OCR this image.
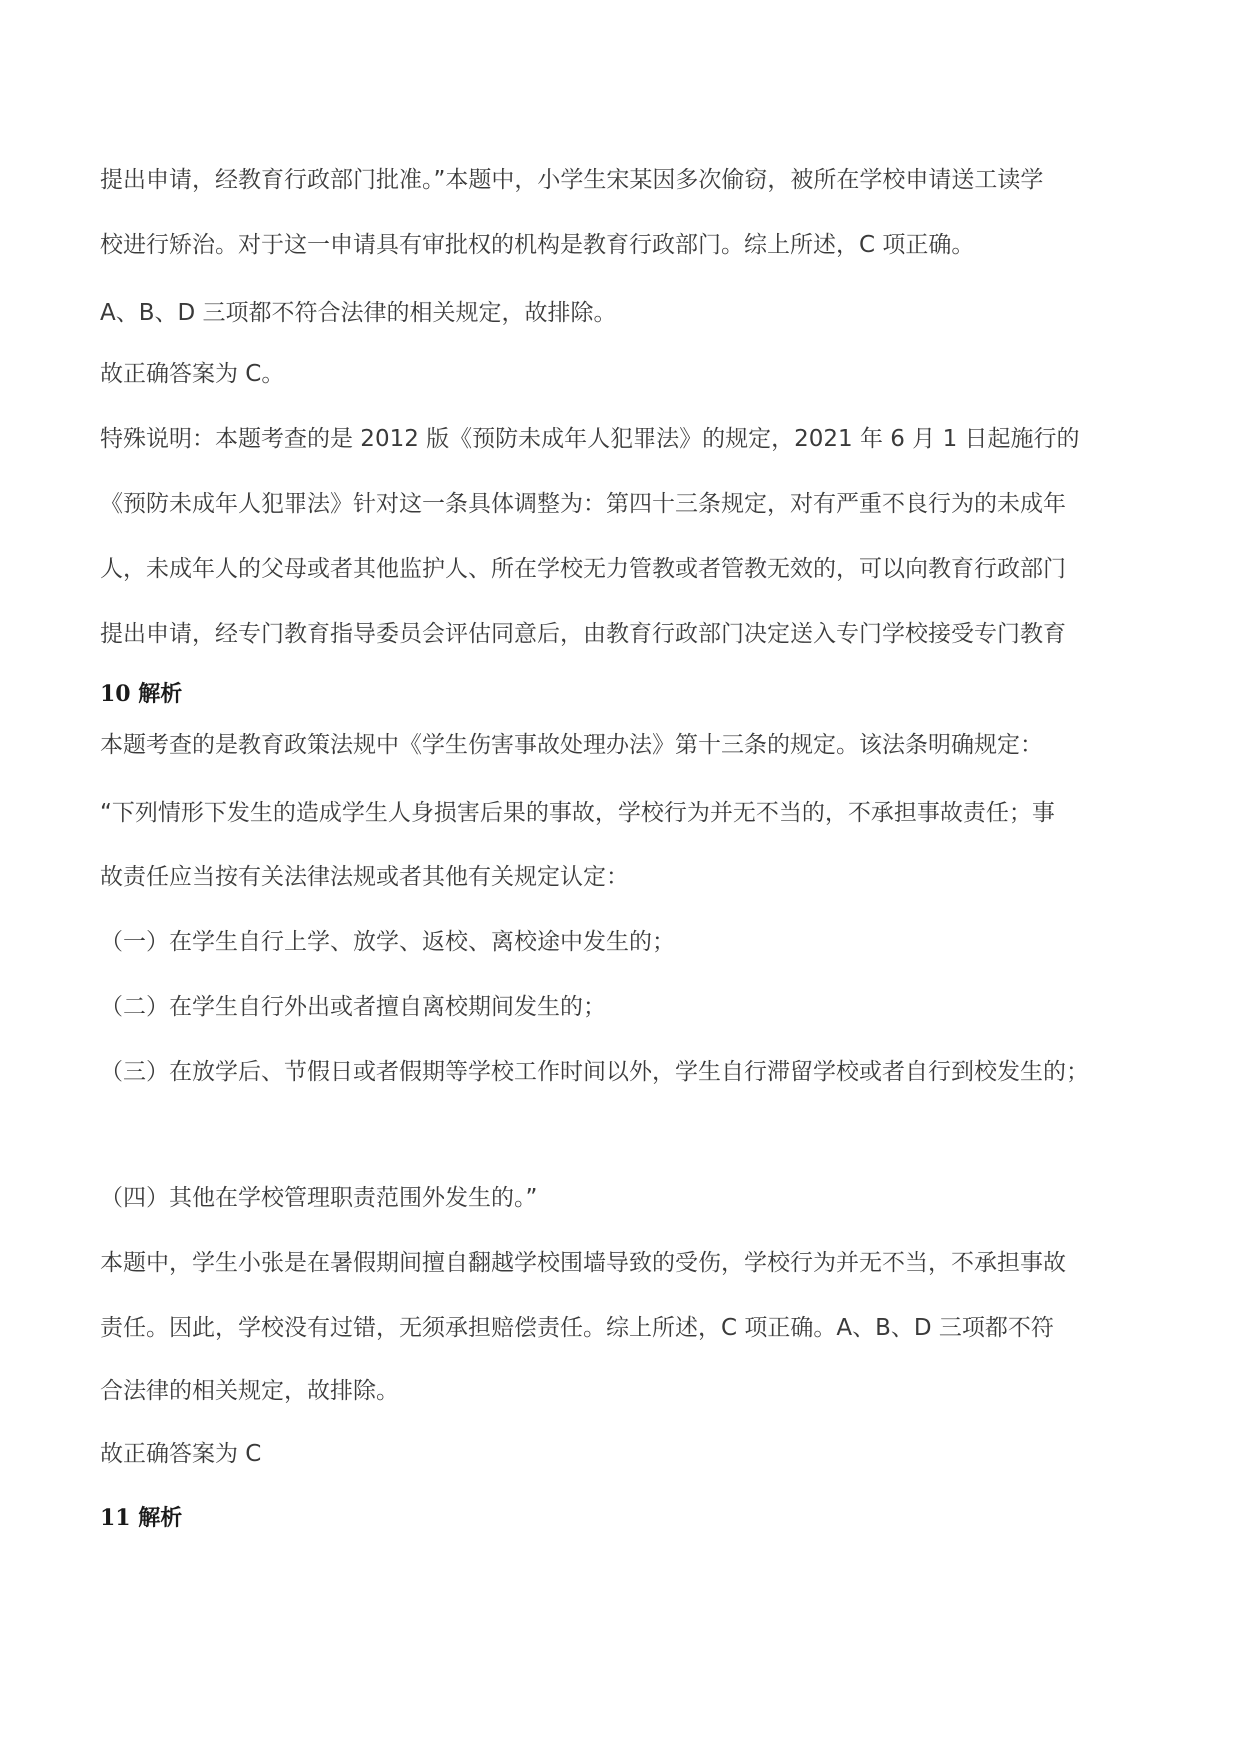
提出申请，经教育行政部门批准。”本题中，小学生宋某因多次偷窃，被所在学校申请送工读学
校进行矫治。对于这一申请具有审批权的机构是教育行政部门。综上所述，C 项正确。
A、B、D 三项都不符合法律的相关规定，故排除。
故正确答案为 C。
特殊说明：本题考查的是 2012 版《预防未成年人犯罪法》的规定，2021 年 6 月 1 日起施行的
《预防未成年人犯罪法》针对这一条具体调整为：第四十三条规定，对有严重不良行为的未成年
人，未成年人的父母或者其他监护人、所在学校无力管教或者管教无效的，可以向教育行政部门
提出申请，经专门教育指导委员会评估同意后，由教育行政部门决定送入专门学校接受专门教育
10 解析
本题考查的是教育政策法规中《学生伤害事故处理办法》第十三条的规定。该法条明确规定：
“下列情形下发生的造成学生人身损害后果的事故，学校行为并无不当的，不承担事故责任；事
故责任应当按有关法律法规或者其他有关规定认定：
（一）在学生自行上学、放学、返校、离校途中发生的；
（二）在学生自行外出或者擅自离校期间发生的；
（三）在放学后、节假日或者假期等学校工作时间以外，学生自行滞留学校或者自行到校发生的；
（四）其他在学校管理职责范围外发生的。”
本题中，学生小张是在暑假期间擅自翻越学校围墙导致的受伤，学校行为并无不当，不承担事故
责任。因此，学校没有过错，无须承担赔偿责任。综上所述，C 项正确。A、B、D 三项都不符
合法律的相关规定，故排除。
故正确答案为 C
11 解析
